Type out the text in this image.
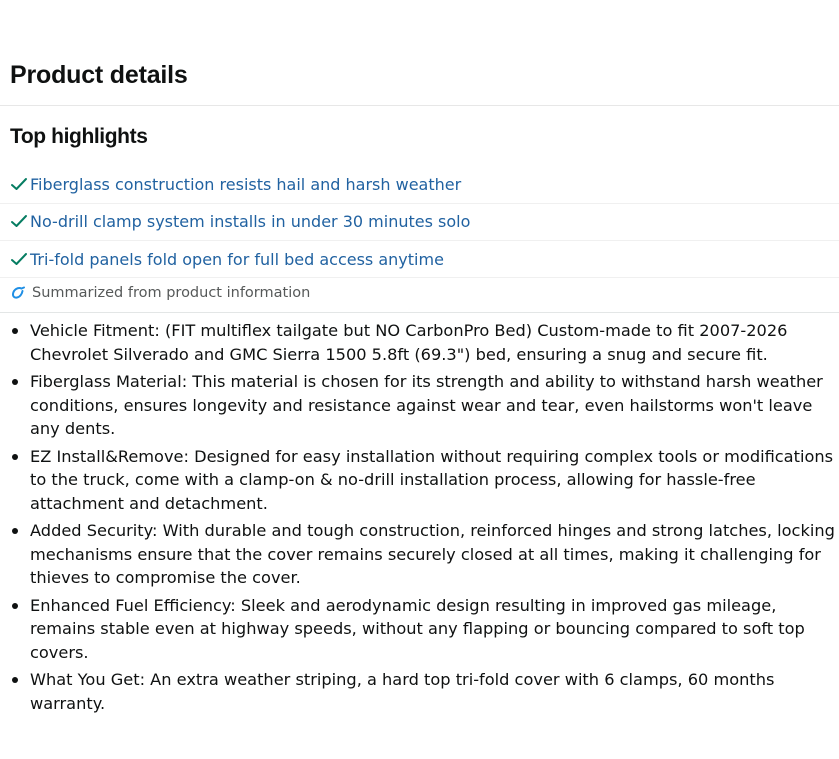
Product details
Top highlights
Fiberglass construction resists hail and harsh weather
No-drill clamp system installs in under 30 minutes solo
Tri-fold panels fold open for full bed access anytime
Summarized from product information
Vehicle Fitment: (FIT multiflex tailgate but NO CarbonPro Bed) Custom-made to fit 2007-2026 Chevrolet Silverado and GMC Sierra 1500 5.8ft (69.3") bed, ensuring a snug and secure fit.
Fiberglass Material: This material is chosen for its strength and ability to withstand harsh weather conditions, ensures longevity and resistance against wear and tear, even hailstorms won't leave any dents.
EZ Install&Remove: Designed for easy installation without requiring complex tools or modifications to the truck, come with a clamp-on & no-drill installation process, allowing for hassle-free attachment and detachment.
Added Security: With durable and tough construction, reinforced hinges and strong latches, locking mechanisms ensure that the cover remains securely closed at all times, making it challenging for thieves to compromise the cover.
Enhanced Fuel Efficiency: Sleek and aerodynamic design resulting in improved gas mileage, remains stable even at highway speeds, without any flapping or bouncing compared to soft top covers.
What You Get: An extra weather striping, a hard top tri-fold cover with 6 clamps, 60 months warranty.
